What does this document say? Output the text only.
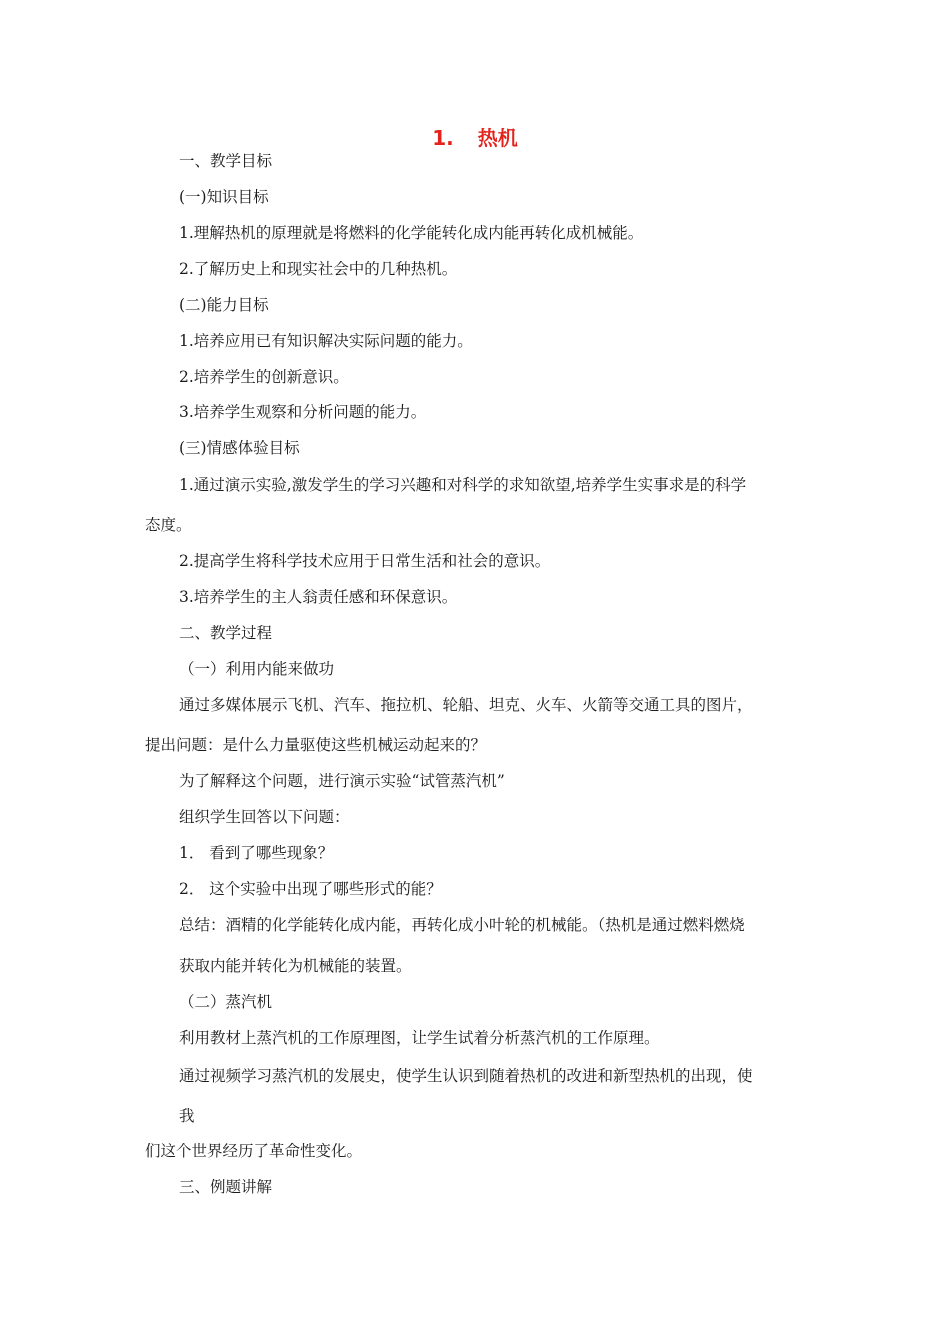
1. 热机
一、教学目标
(一)知识目标
1.理解热机的原理就是将燃料的化学能转化成内能再转化成机械能。
2.了解历史上和现实社会中的几种热机。
(二)能力目标
1.培养应用已有知识解决实际问题的能力。
2.培养学生的创新意识。
3.培养学生观察和分析问题的能力。
(三)情感体验目标
1.通过演示实验,激发学生的学习兴趣和对科学的求知欲望,培养学生实事求是的科学
态度。
2.提高学生将科学技术应用于日常生活和社会的意识。
3.培养学生的主人翁责任感和环保意识。
二、教学过程
（一）利用内能来做功
通过多媒体展示飞机、汽车、拖拉机、轮船、坦克、火车、火箭等交通工具的图片，
提出问题：是什么力量驱使这些机械运动起来的？
为了解释这个问题，进行演示实验“试管蒸汽机”
组织学生回答以下问题：
1． 看到了哪些现象？
2． 这个实验中出现了哪些形式的能？
总结：酒精的化学能转化成内能，再转化成小叶轮的机械能。（热机是通过燃料燃烧
获取内能并转化为机械能的装置。
（二）蒸汽机
利用教材上蒸汽机的工作原理图，让学生试着分析蒸汽机的工作原理。
通过视频学习蒸汽机的发展史，使学生认识到随着热机的改进和新型热机的出现，使
我
们这个世界经历了革命性变化。
三、例题讲解
